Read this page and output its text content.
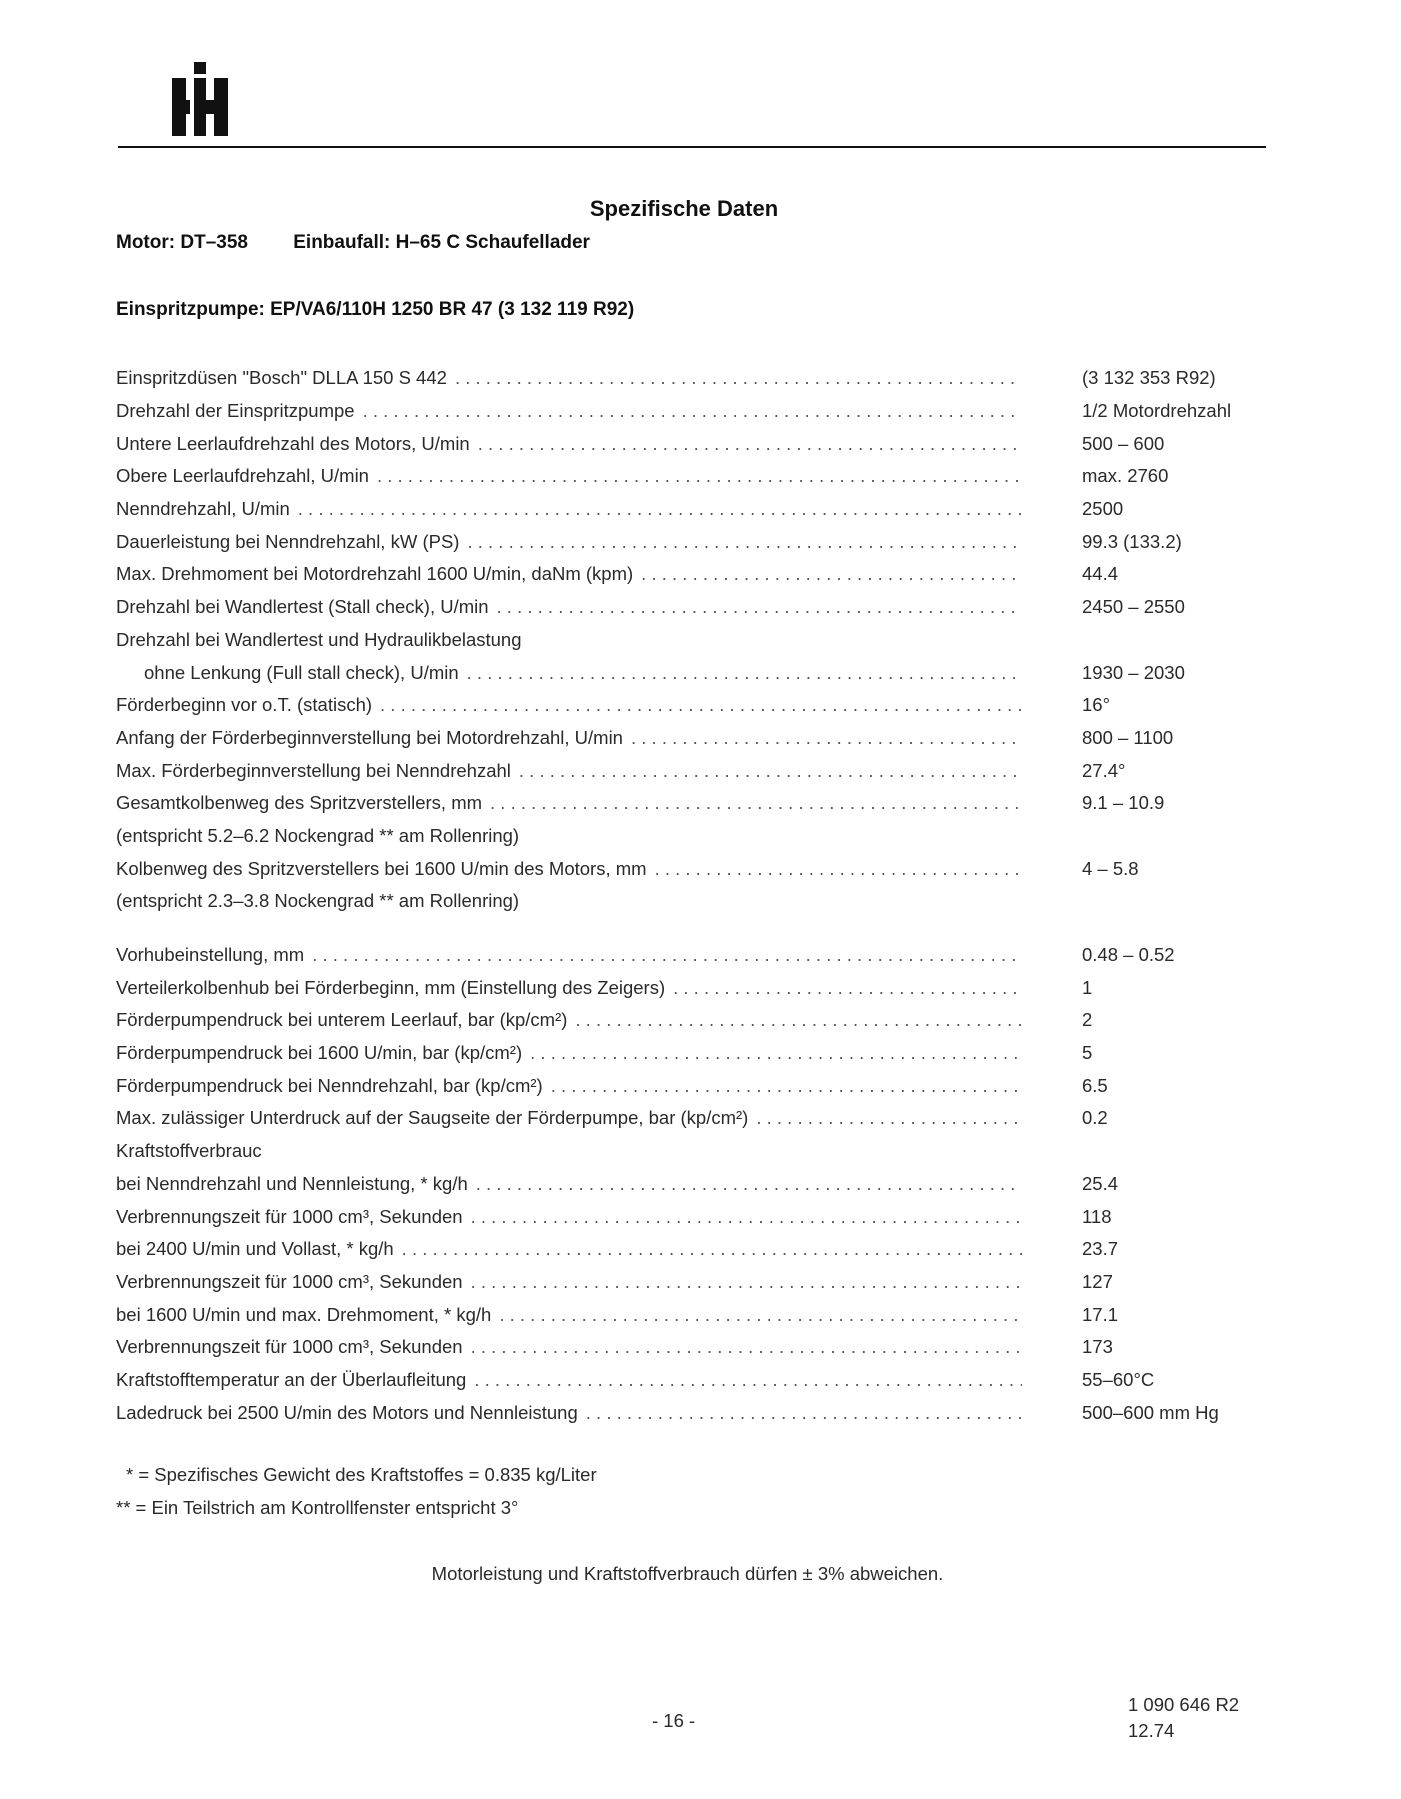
Spezifische Daten
Motor: DT–358 Einbaufall: H–65 C Schaufellader
Einspritzpumpe: EP/VA6/110H 1250 BR 47 (3 132 119 R92)
Einspritzdüsen "Bosch" DLLA 150 S 442 . . .	(3 132 353 R92)
Drehzahl der Einspritzpumpe . . .	1/2 Motordrehzahl
Untere Leerlaufdrehzahl des Motors, U/min . . .	500 – 600
Obere Leerlaufdrehzahl, U/min . . .	max. 2760
Nenndrehzahl, U/min . . .	2500
Dauerleistung bei Nenndrehzahl, kW (PS) . . .	99.3 (133.2)
Max. Drehmoment bei Motordrehzahl 1600 U/min, daNm (kpm) . . .	44.4
Drehzahl bei Wandlertest (Stall check), U/min . . .	2450 – 2550
Drehzahl bei Wandlertest und Hydraulikbelastung
ohne Lenkung (Full stall check), U/min . . .	1930 – 2030
Förderbeginn vor o.T. (statisch) . . .	16°
Anfang der Förderbeginnverstellung bei Motordrehzahl, U/min . . .	800 – 1100
Max. Förderbeginnverstellung bei Nenndrehzahl . . .	27.4°
Gesamtkolbenweg des Spritzverstellers, mm . . .	9.1 – 10.9
(entspricht 5.2–6.2 Nockengrad ** am Rollenring)
Kolbenweg des Spritzverstellers bei 1600 U/min des Motors, mm . . .	4 – 5.8
(entspricht 2.3–3.8 Nockengrad ** am Rollenring)
Vorhubeinstellung, mm . . .	0.48 – 0.52
Verteilerkolbenhub bei Förderbeginn, mm (Einstellung des Zeigers) . . .	1
Förderpumpendruck bei unterem Leerlauf, bar (kp/cm²) . . .	2
Förderpumpendruck bei 1600 U/min, bar (kp/cm²) . . .	5
Förderpumpendruck bei Nenndrehzahl, bar (kp/cm²) . . .	6.5
Max. zulässiger Unterdruck auf der Saugseite der Förderpumpe, bar (kp/cm²) . . .	0.2
Kraftstoffverbrauc
bei Nenndrehzahl und Nennleistung, * kg/h . . .	25.4
Verbrennungszeit für 1000 cm³, Sekunden . . .	118
bei 2400 U/min und Vollast, * kg/h . . .	23.7
Verbrennungszeit für 1000 cm³, Sekunden . . .	127
bei 1600 U/min und max. Drehmoment, * kg/h . . .	17.1
Verbrennungszeit für 1000 cm³, Sekunden . . .	173
Kraftstofftemperatur an der Überlaufleitung . . .	55–60°C
Ladedruck bei 2500 U/min des Motors und Nennleistung . . .	500–600 mm Hg
* = Spezifisches Gewicht des Kraftstoffes = 0.835 kg/Liter
** = Ein Teilstrich am Kontrollfenster entspricht 3°
Motorleistung und Kraftstoffverbrauch dürfen ± 3% abweichen.
- 16 -
1 090 646 R2
12.74
